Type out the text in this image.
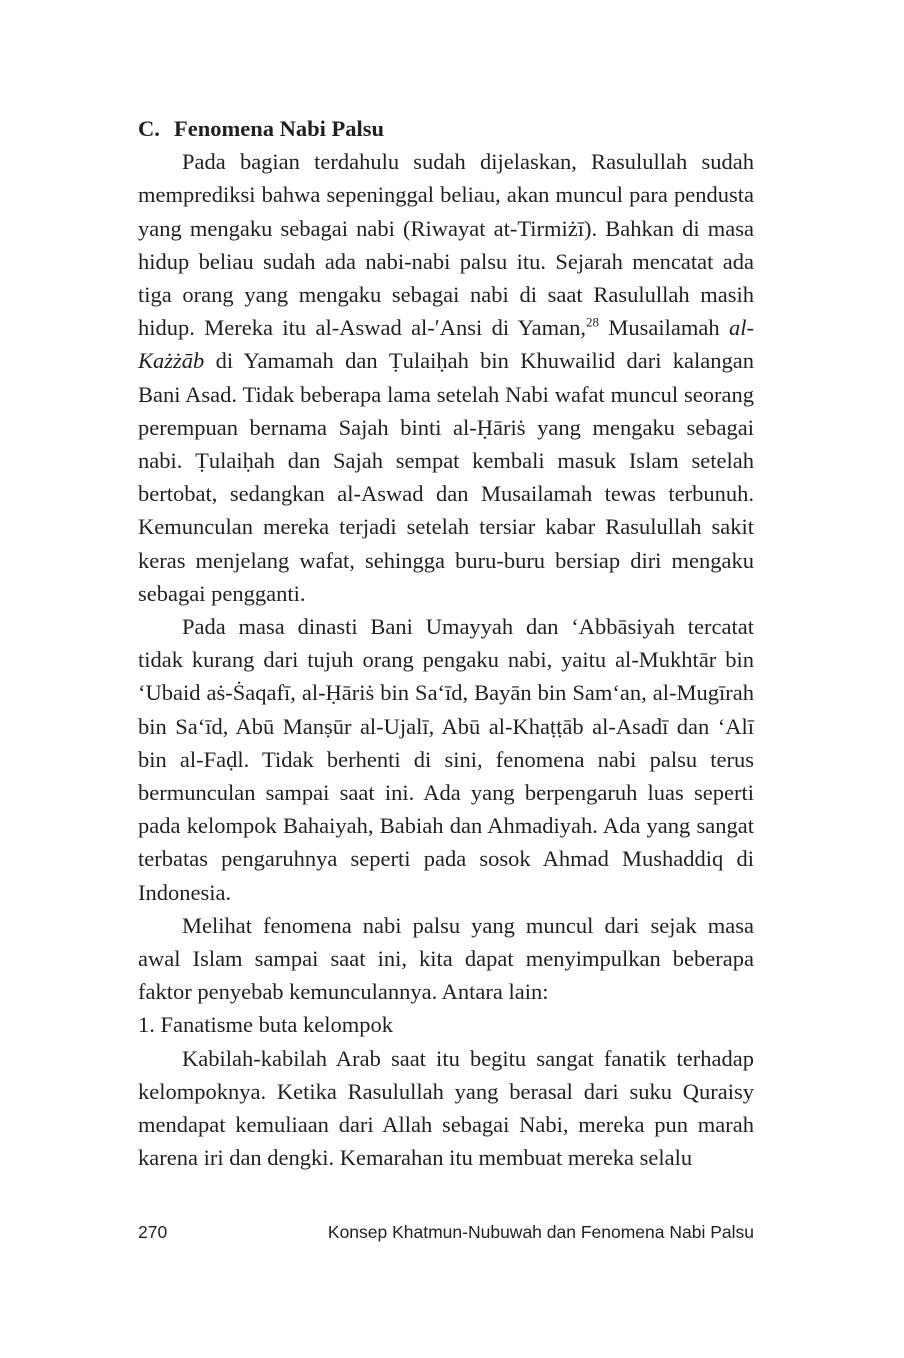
C. Fenomena Nabi Palsu

Pada bagian terdahulu sudah dijelaskan, Rasulullah sudah memprediksi bahwa sepeninggal beliau, akan muncul para pendusta yang mengaku sebagai nabi (Riwayat at-Tirmiżī). Bahkan di masa hidup beliau sudah ada nabi-nabi palsu itu. Sejarah mencatat ada tiga orang yang mengaku sebagai nabi di saat Rasulullah masih hidup. Mereka itu al-Aswad al-ʹAnsi di Yaman,$^{28}$ Musailamah al-Każżāb di Yamamah dan Ṭulaiḥah bin Khuwailid dari kalangan Bani Asad. Tidak beberapa lama setelah Nabi wafat muncul seorang perempuan bernama Sajah binti al-Ḥāriṡ yang mengaku sebagai nabi. Ṭulaiḥah dan Sajah sempat kembali masuk Islam setelah bertobat, sedangkan al-Aswad dan Musailamah tewas terbunuh. Kemunculan mereka terjadi setelah tersiar kabar Rasulullah sakit keras menjelang wafat, sehingga buru-buru bersiap diri mengaku sebagai pengganti.

Pada masa dinasti Bani Umayyah dan ‘Abbāsiyah tercatat tidak kurang dari tujuh orang pengaku nabi, yaitu al-Mukhtār bin ‘Ubaid aṡ-Ṡaqafī, al-Ḥāriṡ bin Sa‘īd, Bayān bin Sam‘an, al-Mugīrah bin Sa‘īd, Abū Manṣūr al-Ujalī, Abū al-Khaṭṭāb al-Asadī dan ‘Alī bin al-Faḍl. Tidak berhenti di sini, fenomena nabi palsu terus bermunculan sampai saat ini. Ada yang berpengaruh luas seperti pada kelompok Bahaiyah, Babiah dan Ahmadiyah. Ada yang sangat terbatas pengaruhnya seperti pada sosok Ahmad Mushaddiq di Indonesia.

Melihat fenomena nabi palsu yang muncul dari sejak masa awal Islam sampai saat ini, kita dapat menyimpulkan beberapa faktor penyebab kemunculannya. Antara lain:

1. Fanatisme buta kelompok

Kabilah-kabilah Arab saat itu begitu sangat fanatik terhadap kelompoknya. Ketika Rasulullah yang berasal dari suku Quraisy mendapat kemuliaan dari Allah sebagai Nabi, mereka pun marah karena iri dan dengki. Kemarahan itu membuat mereka selalu

270	Konsep Khatmun-Nubuwah dan Fenomena Nabi Palsu
